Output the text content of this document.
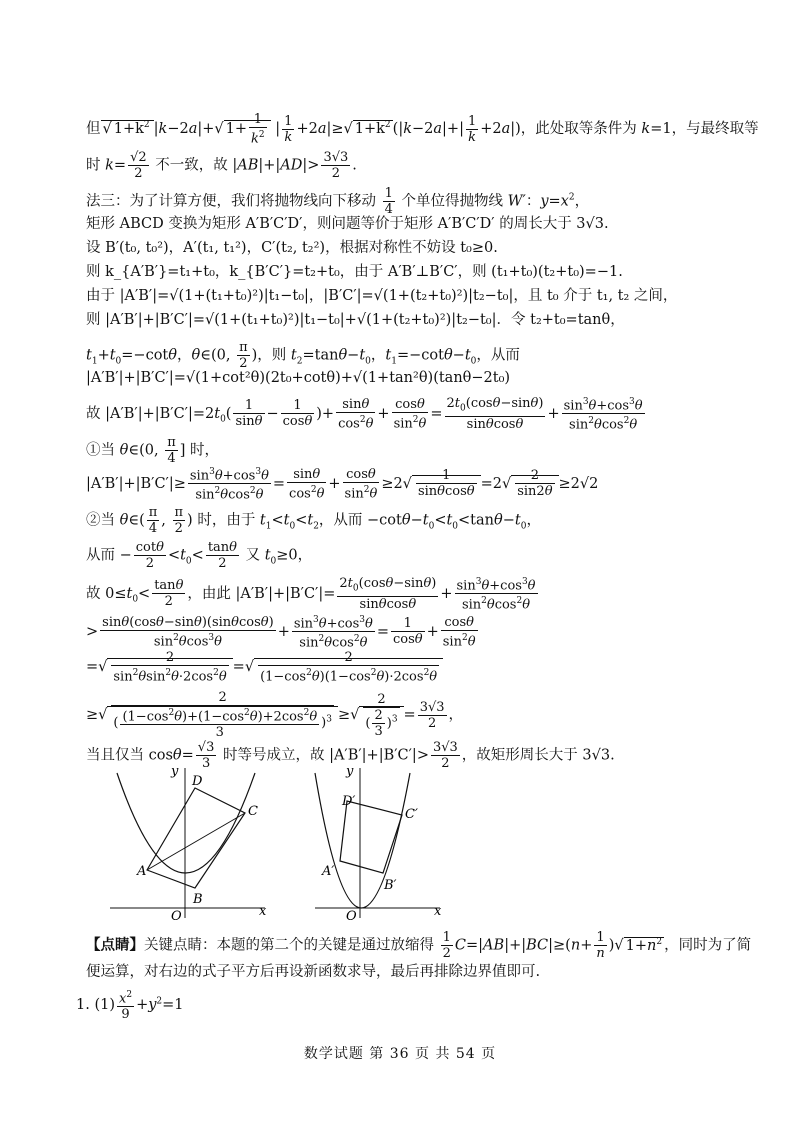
但 √ $1+k^2$ |k−2a|+√ $1+ \frac{1}{k^2}$ | $\frac{1}{k} +2a|\ge√$ $1+k^2$ $(|k-2a|+| \frac{1}{k} +2a|)$，此处取等条件为 k=1，与最终取等
时 $k= \frac{√2}{2}$ 不一致，故 $|AB|+|AD|> \frac{3√3}{2}$ .
法三：为了计算方便，我们将抛物线向下移动 $\frac{1}{4}$ 个单位得抛物线 W′：$y=x^2$，
矩形 ABCD 变换为矩形 A′B′C′D′，则问题等价于矩形 A′B′C′D′ 的周长大于 3√3.
设 B′(t₀, t₀²)，A′(t₁, t₁²)，C′(t₂, t₂²)，根据对称性不妨设 t₀≥0.
则 k_{A′B′}=t₁+t₀，k_{B′C′}=t₂+t₀，由于 A′B′⊥B′C′，则 (t₁+t₀)(t₂+t₀)=−1.
由于 |A′B′|=√(1+(t₁+t₀)²)|t₁−t₀|，|B′C′|=√(1+(t₂+t₀)²)|t₂−t₀|，且 t₀ 介于 t₁, t₂ 之间，
则 |A′B′|+|B′C′|=√(1+(t₁+t₀)²)|t₁−t₀|+√(1+(t₂+t₀)²)|t₂−t₀|．令 t₂+t₀=tanθ，
$t_1+t_0=-\cot\theta$，θ∈(0, $\frac{\pi}{2}$ )，则 $t_2=\tan\theta-t_0$，$t_1=-\cot\theta-t_0$，从而
|A′B′|+|B′C′|=√(1+cot²θ)(2t₀+cotθ)+√(1+tan²θ)(tanθ−2t₀)
故 $|A'B'|+|B'C'|=2t_0( \frac{1}{\sin\theta} - \frac{1}{\cos\theta}$ )+ $\frac{\sin\theta}{\cos^2\theta} + \frac{\cos\theta}{\sin^2\theta} = \frac{2t_0(\cos\theta-\sin\theta)}{\sin\theta\cos\theta} + \frac{\sin^3\theta+\cos^3\theta}{\sin^2\theta\cos^2\theta}$
①当 θ∈(0, $\frac{\pi}{4}$ ] 时，
$|A'B'|+|B'C'|\ge \frac{\sin^3\theta+\cos^3\theta}{\sin^2\theta\cos^2\theta} = \frac{\sin\theta}{\cos^2\theta} + \frac{\cos\theta}{\sin^2\theta} \ge 2√ \frac{1}{\sin\theta\cos\theta} =2√ \frac{2}{\sin 2\theta} \ge 2√2$
②当 θ∈( $\frac{\pi}{4}$ , $\frac{\pi}{2}$ ) 时，由于 $t_1<t_0<t_2$，从而 $-\cot\theta-t_0<t_0<\tan\theta-t_0$，
从而 − $\frac{\cot\theta}{2} <t_0< \frac{\tan\theta}{2}$ 又 $t_0\ge 0$，
故 $0\le t_0< \frac{\tan\theta}{2}$ ，由此 $|A'B'|+|B'C'|= \frac{2t_0(\cos\theta-\sin\theta)}{\sin\theta\cos\theta} + \frac{\sin^3\theta+\cos^3\theta}{\sin^2\theta\cos^2\theta}$
> $\frac{\sin\theta(\cos\theta-\sin\theta)(\sin\theta\cos\theta)}{\sin^2\theta\cos^3\theta} + \frac{\sin^3\theta+\cos^3\theta}{\sin^2\theta\cos^2\theta} = \frac{1}{\cos\theta} + \frac{\cos\theta}{\sin^2\theta}$
=√ $\frac{2}{\sin^2\theta\sin^2\theta\cdot 2\cos^2\theta}$ =√ $\frac{2}{(1-\cos^2\theta)(1-\cos^2\theta)\cdot 2\cos^2\theta}$
≥√ $\frac{2}{( \frac{(1-\cos^2\theta)+(1-\cos^2\theta)+2\cos^2\theta}{3} )^3}$ ≥√ $\frac{2}{( \frac{2}{3} )^3} = \frac{3√3}{2}$ ，
当且仅当 $\cos\theta= \frac{√3}{3}$ 时等号成立，故 $|A'B'|+|B'C'|> \frac{3√3}{2}$ ，故矩形周长大于 3√3.
y
x
O
A
B
C
D
y
x
O
A′
B′
C′
D′
【点睛】关键点睛：本题的第二个的关键是通过放缩得 $\frac{1}{2} C=|AB|+|BC|\ge(n+ \frac{1}{n}$ )√ $1+n^2$ ，同时为了简
便运算，对右边的式子平方后再设新函数求导，最后再排除边界值即可.
1. $(1) \frac{x^2}{9} +y^2=1$
数学试题 第 36 页 共 54 页
